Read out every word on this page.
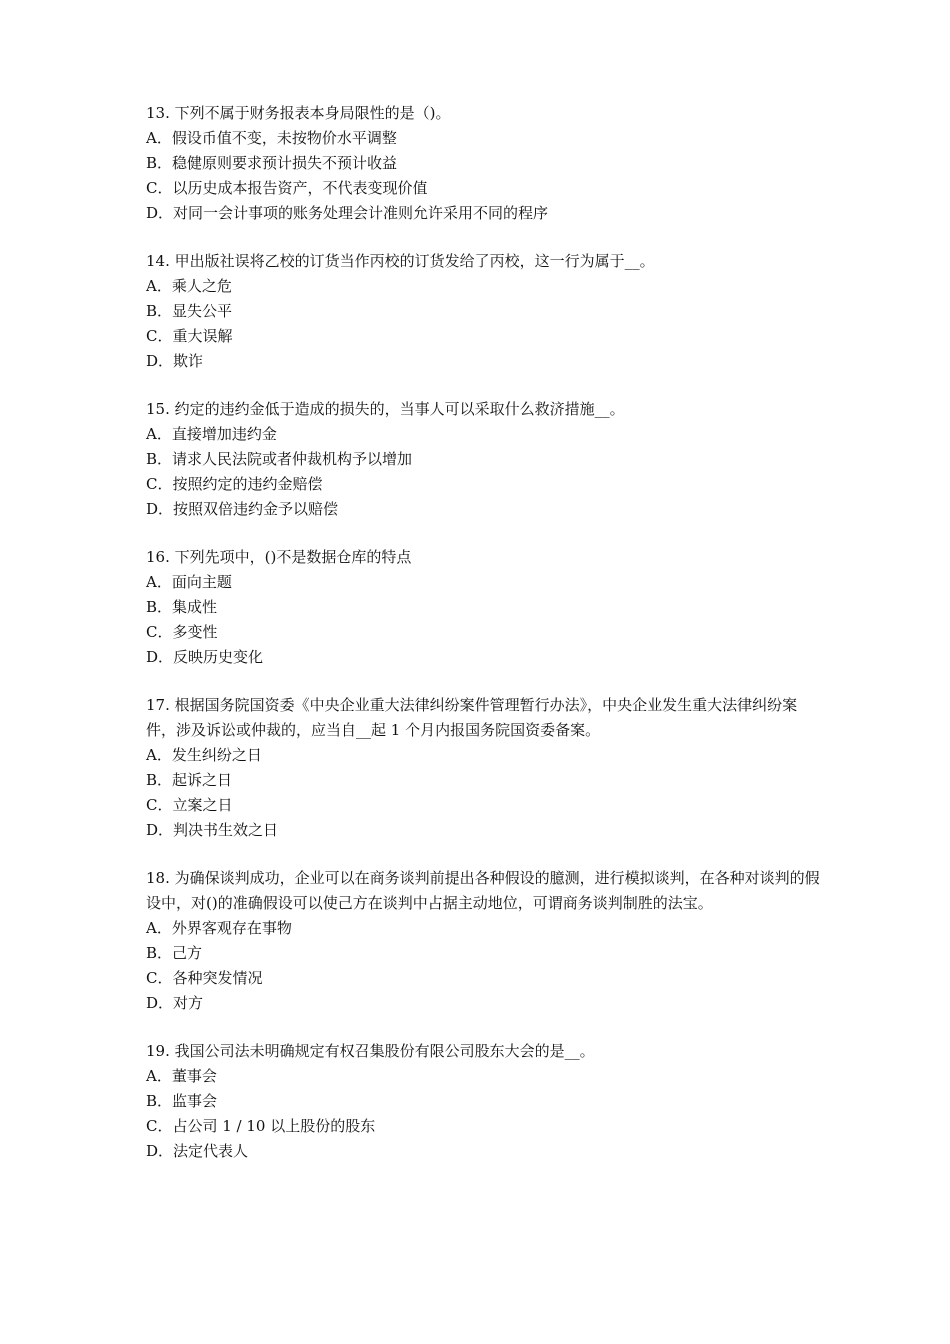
13. 下列不属于财务报表本身局限性的是（)。

A．假设币值不变，未按物价水平调整

B．稳健原则要求预计损失不预计收益

C．以历史成本报告资产，不代表变现价值

D．对同一会计事项的账务处理会计准则允许采用不同的程序

14. 甲出版社误将乙校的订货当作丙校的订货发给了丙校，这一行为属于__。

A．乘人之危

B．显失公平

C．重大误解

D．欺诈

15. 约定的违约金低于造成的损失的，当事人可以采取什么救济措施__。

A．直接增加违约金

B．请求人民法院或者仲裁机构予以增加

C．按照约定的违约金赔偿

D．按照双倍违约金予以赔偿

16. 下列先项中，()不是数据仓库的特点

A．面向主题

B．集成性

C．多变性

D．反映历史变化

17. 根据国务院国资委《中央企业重大法律纠纷案件管理暂行办法》，中央企业发生重大法律纠纷案件，涉及诉讼或仲裁的，应当自__起 1 个月内报国务院国资委备案。

A．发生纠纷之日

B．起诉之日

C．立案之日

D．判决书生效之日

18. 为确保谈判成功，企业可以在商务谈判前提出各种假设的臆测，进行模拟谈判，在各种对谈判的假设中，对()的准确假设可以使己方在谈判中占据主动地位，可谓商务谈判制胜的法宝。

A．外界客观存在事物

B．己方

C．各种突发情况

D．对方

19. 我国公司法未明确规定有权召集股份有限公司股东大会的是__。

A．董事会

B．监事会

C．占公司 1 / 10 以上股份的股东

D．法定代表人
